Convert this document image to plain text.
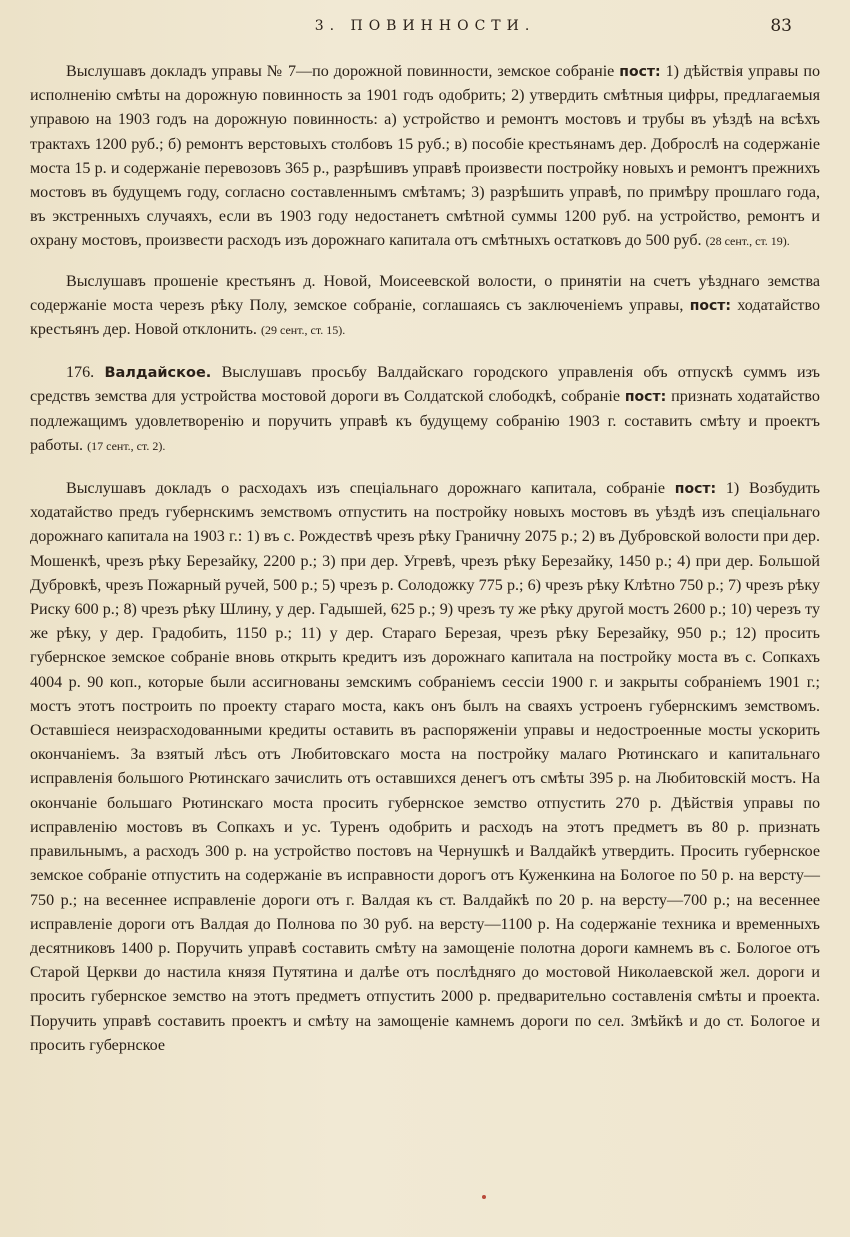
3. ПОВИННОСТИ.	83

Выслушавъ докладъ управы № 7—по дорожной повинности, земское собраніе пост: 1) дѣйствія управы по исполненію смѣты на дорожную повинность за 1901 годъ одобрить; 2) утвердить смѣтныя цифры, предлагаемыя управою на 1903 годъ на дорожную повинность: а) устройство и ремонтъ мостовъ и трубы въ уѣздѣ на всѣхъ трактахъ 1200 руб.; б) ремонтъ верстовыхъ столбовъ 15 руб.; в) пособіе крестьянамъ дер. Доброслѣ на содержаніе моста 15 р. и содержаніе перевозовъ 365 р., разрѣшивъ управѣ произвести постройку новыхъ и ремонтъ прежнихъ мостовъ въ будущемъ году, согласно составленнымъ смѣтамъ; 3) разрѣшить управѣ, по примѣру прошлаго года, въ экстренныхъ случаяхъ, если въ 1903 году недостанетъ смѣтной суммы 1200 руб. на устройство, ремонтъ и охрану мостовъ, произвести расходъ изъ дорожнаго капитала отъ смѣтныхъ остатковъ до 500 руб. (28 сент., ст. 19).

Выслушавъ прошеніе крестьянъ д. Новой, Моисеевской волости, о принятіи на счетъ уѣзднаго земства содержаніе моста черезъ рѣку Полу, земское собраніе, соглашаясь съ заключеніемъ управы, пост: ходатайство крестьянъ дер. Новой отклонить. (29 сент., ст. 15).

176. Валдайское. Выслушавъ просьбу Валдайскаго городского управленія объ отпускѣ суммъ изъ средствъ земства для устройства мостовой дороги въ Солдатской слободкѣ, собраніе пост: признать ходатайство подлежащимъ удовлетворенію и поручить управѣ къ будущему собранію 1903 г. составить смѣту и проектъ работы. (17 сент., ст. 2).

Выслушавъ докладъ о расходахъ изъ спеціальнаго дорожнаго капитала, собраніе пост: 1) Возбудить ходатайство предъ губернскимъ земствомъ отпустить на постройку новыхъ мостовъ въ уѣздѣ изъ спеціальнаго дорожнаго капитала на 1903 г.: 1) въ с. Рождествѣ чрезъ рѣку Граничну 2075 р.; 2) въ Дубровской волости при дер. Мошенкѣ, чрезъ рѣку Березайку, 2200 р.; 3) при дер. Угревѣ, чрезъ рѣку Березайку, 1450 р.; 4) при дер. Большой Дубровкѣ, чрезъ Пожарный ручей, 500 р.; 5) чрезъ р. Солодожку 775 р.; 6) чрезъ рѣку Клѣтно 750 р.; 7) чрезъ рѣку Риску 600 р.; 8) чрезъ рѣку Шлину, у дер. Гадышей, 625 р.; 9) чрезъ ту же рѣку другой мостъ 2600 р.; 10) черезъ ту же рѣку, у дер. Градобить, 1150 р.; 11) у дер. Стараго Березая, чрезъ рѣку Березайку, 950 р.; 12) просить губернское земское собраніе вновь открыть кредитъ изъ дорожнаго капитала на постройку моста въ с. Сопкахъ 4004 р. 90 коп., которые были ассигнованы земскимъ собраніемъ сессіи 1900 г. и закрыты собраніемъ 1901 г.; мостъ этотъ построить по проекту стараго моста, какъ онъ былъ на сваяхъ устроенъ губернскимъ земствомъ. Оставшіеся неизрасходованными кредиты оставить въ распоряженіи управы и недостроенные мосты ускорить окончаніемъ. За взятый лѣсъ отъ Любитовскаго моста на постройку малаго Рютинскаго и капитальнаго исправленія большого Рютинскаго зачислить отъ оставшихся денегъ отъ смѣты 395 р. на Любитовскій мостъ. На окончаніе большаго Рютинскаго моста просить губернское земство отпустить 270 р. Дѣйствія управы по исправленію мостовъ въ Сопкахъ и ус. Туренъ одобрить и расходъ на этотъ предметъ въ 80 р. признать правильнымъ, а расходъ 300 р. на устройство постовъ на Чернушкѣ и Валдайкѣ утвердить. Просить губернское земское собраніе отпустить на содержаніе въ исправности дорогъ отъ Куженкина на Бологое по 50 р. на версту—750 р.; на весеннее исправленіе дороги отъ г. Валдая къ ст. Валдайкѣ по 20 р. на версту—700 р.; на весеннее исправленіе дороги отъ Валдая до Полнова по 30 руб. на версту—1100 р. На содержаніе техника и временныхъ десятниковъ 1400 р. Поручить управѣ составить смѣту на замощеніе полотна дороги камнемъ въ с. Бологое отъ Старой Церкви до настила князя Путятина и далѣе отъ послѣдняго до мостовой Николаевской жел. дороги и просить губернское земство на этотъ предметъ отпустить 2000 р. предварительно составленія смѣты и проекта. Поручить управѣ составить проектъ и смѣту на замощеніе камнемъ дороги по сел. Змѣйкѣ и до ст. Бологое и просить губернское
